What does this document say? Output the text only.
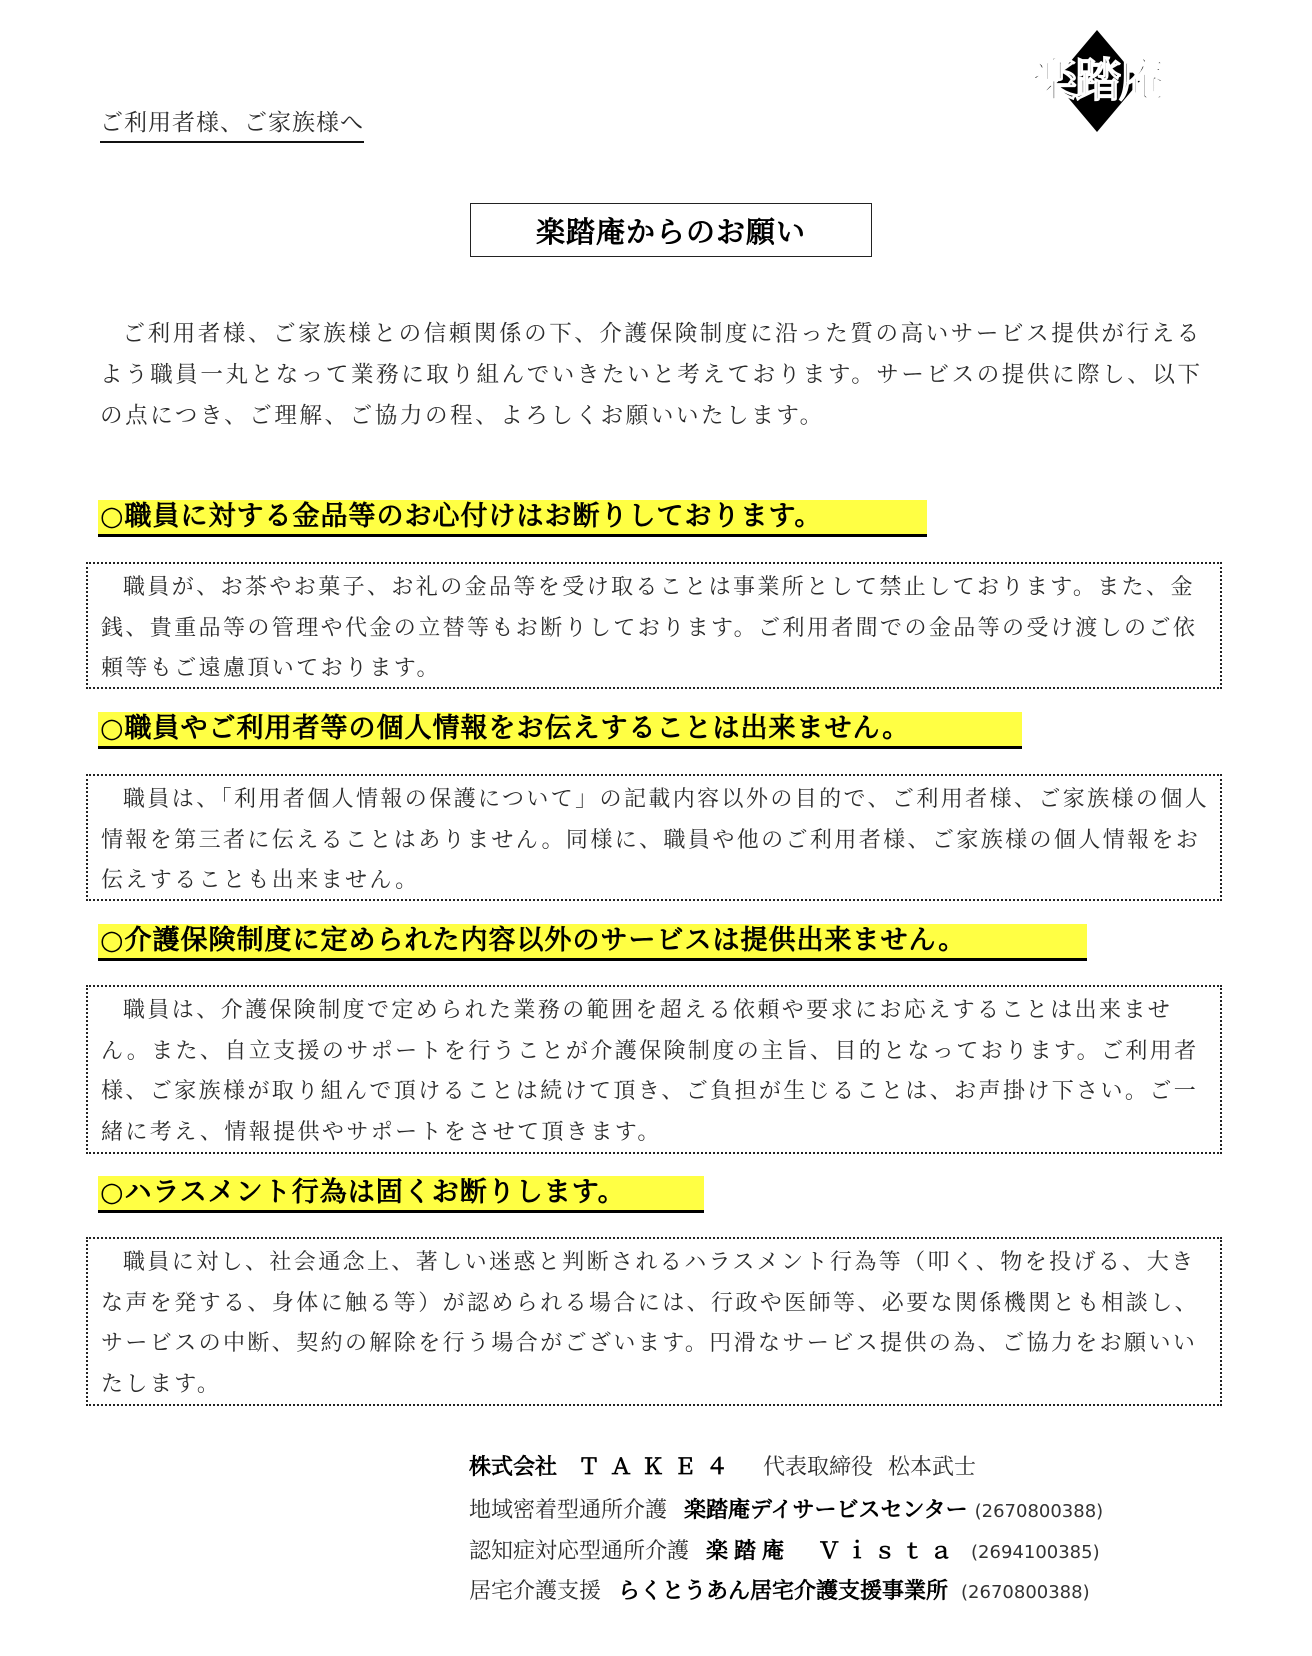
ご利用者様、ご家族様へ
楽踏庵
楽踏庵からのお願い

ご利用者様、ご家族様との信頼関係の下、介護保険制度に沿った質の高いサービス提供が行えるよう職員一丸となって業務に取り組んでいきたいと考えております。サービスの提供に際し、以下の点につき、ご理解、ご協力の程、よろしくお願いいたします。

○職員に対する金品等のお心付けはお断りしております。

職員が、お茶やお菓子、お礼の金品等を受け取ることは事業所として禁止しております。また、金銭、貴重品等の管理や代金の立替等もお断りしております。ご利用者間での金品等の受け渡しのご依頼等もご遠慮頂いております。

○職員やご利用者等の個人情報をお伝えすることは出来ません。

職員は、「利用者個人情報の保護について」の記載内容以外の目的で、ご利用者様、ご家族様の個人情報を第三者に伝えることはありません。同様に、職員や他のご利用者様、ご家族様の個人情報をお伝えすることも出来ません。

○介護保険制度に定められた内容以外のサービスは提供出来ません。

職員は、介護保険制度で定められた業務の範囲を超える依頼や要求にお応えすることは出来ません。また、自立支援のサポートを行うことが介護保険制度の主旨、目的となっております。ご利用者様、ご家族様が取り組んで頂けることは続けて頂き、ご負担が生じることは、お声掛け下さい。ご一緒に考え、情報提供やサポートをさせて頂きます。

○ハラスメント行為は固くお断りします。

職員に対し、社会通念上、著しい迷惑と判断されるハラスメント行為等（叩く、物を投げる、大きな声を発する、身体に触る等）が認められる場合には、行政や医師等、必要な関係機関とも相談し、サービスの中断、契約の解除を行う場合がございます。円滑なサービス提供の為、ご協力をお願いいたします。

株式会社 ＴＡＫＥ４ 代表取締役 松本武士
地域密着型通所介護 楽踏庵デイサービスセンター (2670800388)
認知症対応型通所介護 楽踏庵　Ｖｉｓｔａ (2694100385)
居宅介護支援 らくとうあん居宅介護支援事業所 (2670800388)
